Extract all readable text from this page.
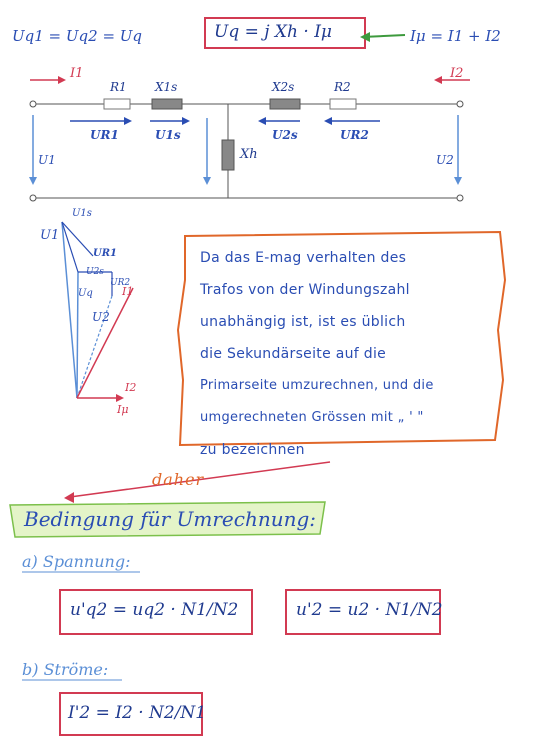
Uq1 = Uq2 = Uq	Uq = j Xh · Iμ	Iμ = I1 + I2
I1	I2
R1 X1s	X2s	R2
UR1	U1s	U2s	UR2
U1	U2
Xh
U1s
U1
UR1
U2s
UR2
Uq
U2
I1
I2
Iμ
Da das E-mag verhalten des
Trafos von der Windungszahl
unabhängig ist, ist es üblich
die Sekundärseite auf die
Primarseite umzurechnen, und die
umgerechneten Grössen mit „ ' "
zu bezeichnen
daher
Bedingung für Umrechnung:
a) Spannung:
u'q2 = uq2 · N1/N2	u'2 = u2 · N1/N2
b) Ströme:
I'2 = I2 · N2/N1
